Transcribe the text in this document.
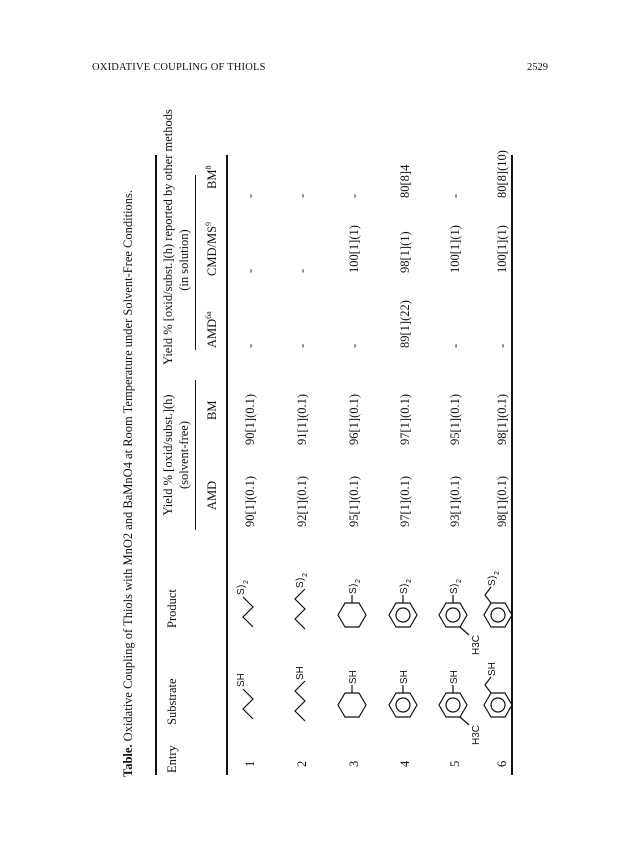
OXIDATIVE COUPLING OF THIOLS	2529
Table. Oxidative Coupling of Thiols with MnO2 and BaMnO4 at Room Temperature under Solvent-Free Conditions.
Entry
Substrate
Product
Yield % [oxid/subst.](h) (solvent-free)
Yield % [oxid/subst.](h) reported by other methods (in solution)
AMD
BM
$AMD^{6a}$
CMD/$MS^9$
$BM^8$
1
90[1](0.1)
90[1](0.1)
-
-
-
2
92[1](0.1)
91[1](0.1)
-
-
-
3
95[1](0.1)
96[1](0.1)
-
100[1](1)
-
4
97[1](0.1)
97[1](0.1)
89[1](22)
98[1](1)
80[8]4
5
93[1](0.1)
95[1](0.1)
-
100[1](1)
-
6
98[1](0.1)
98[1](0.1)
-
100[1](1)
80[8](10)
SH
S
)
2
SH
S
)
2
SH
S
)
2
SH
S
)
2
SH
H3C
S
)
2
H3C
SH
S
)
2
